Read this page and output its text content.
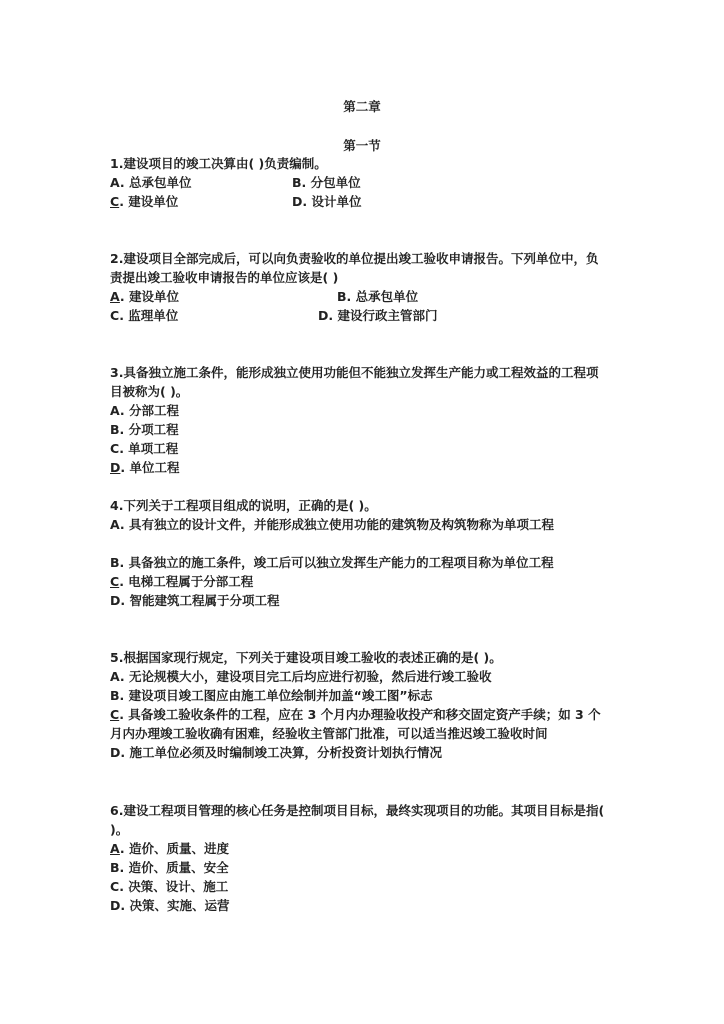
第二章
第一节
1.建设项目的竣工决算由( )负责编制。
A. 总承包单位	B. 分包单位
C. 建设单位	D. 设计单位
2.建设项目全部完成后，可以向负责验收的单位提出竣工验收申请报告。下列单位中，负责提出竣工验收申请报告的单位应该是( )
A. 建设单位	B. 总承包单位
C. 监理单位	D. 建设行政主管部门
3.具备独立施工条件，能形成独立使用功能但不能独立发挥生产能力或工程效益的工程项目被称为( )。
A. 分部工程
B. 分项工程
C. 单项工程
D. 单位工程
4.下列关于工程项目组成的说明，正确的是( )。
A. 具有独立的设计文件，并能形成独立使用功能的建筑物及构筑物称为单项工程
B. 具备独立的施工条件，竣工后可以独立发挥生产能力的工程项目称为单位工程
C. 电梯工程属于分部工程
D. 智能建筑工程属于分项工程
5.根据国家现行规定，下列关于建设项目竣工验收的表述正确的是( )。
A. 无论规模大小，建设项目完工后均应进行初验，然后进行竣工验收
B. 建设项目竣工图应由施工单位绘制并加盖“竣工图”标志
C. 具备竣工验收条件的工程，应在 3 个月内办理验收投产和移交固定资产手续；如 3 个月内办理竣工验收确有困难，经验收主管部门批准，可以适当推迟竣工验收时间
D. 施工单位必须及时编制竣工决算，分析投资计划执行情况
6.建设工程项目管理的核心任务是控制项目目标，最终实现项目的功能。其项目目标是指( )。
A. 造价、质量、进度
B. 造价、质量、安全
C. 决策、设计、施工
D. 决策、实施、运营
